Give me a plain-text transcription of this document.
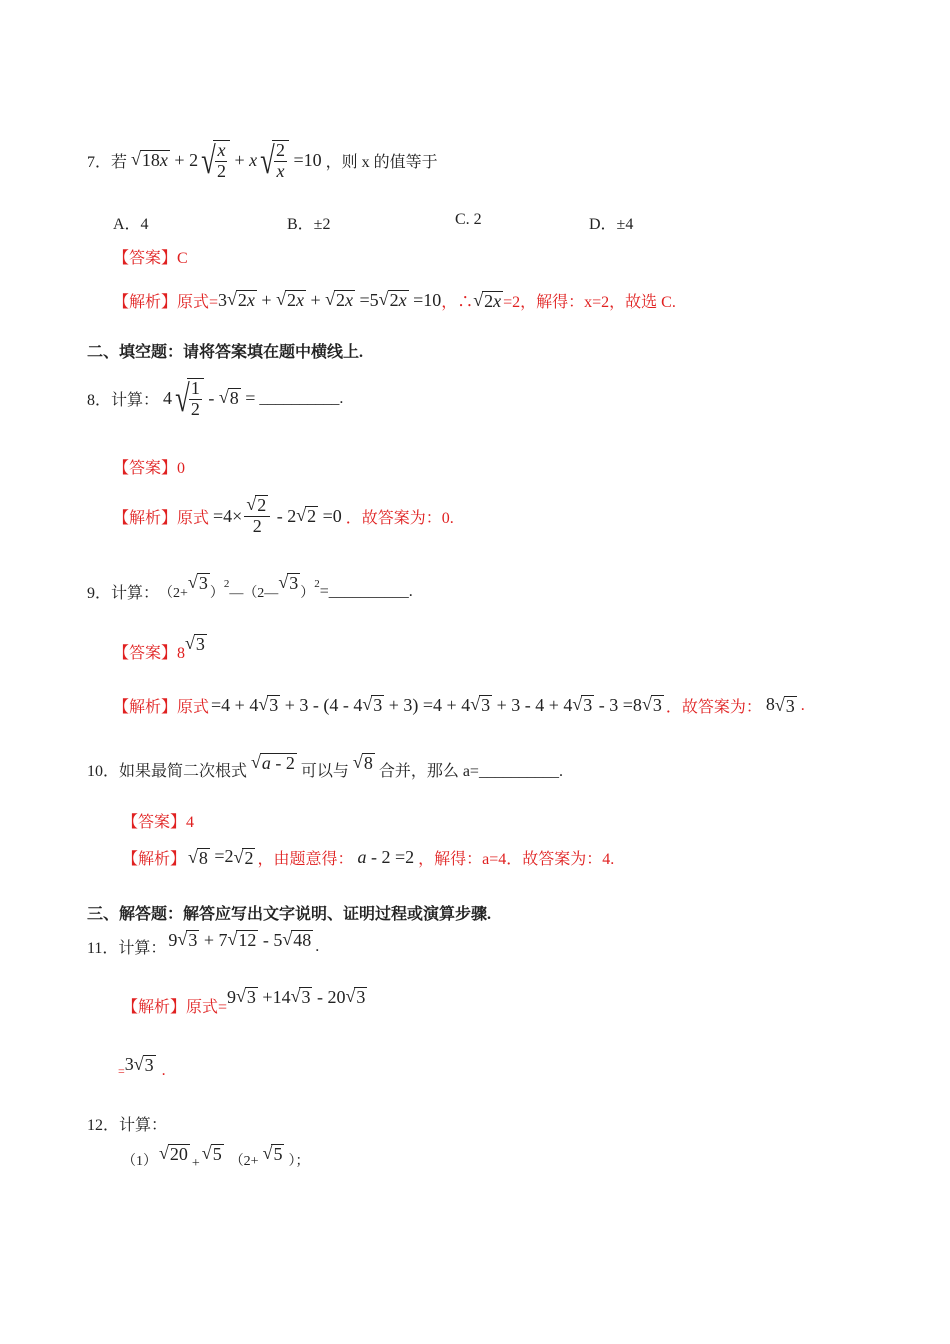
7． 若 √ 18x + 2 √ $\frac{x}{2} + x$ √ $\frac{2}{x} =10$ ，则 x 的值等于
A．4	B．±2	C. 2	D．±4
【答案】C
【解析】原式= 3 √ 2x + √ 2x + √ 2x =5 √ 2x =10 ，∴ √ 2x =2，解得：x=2，故选 C.
二、填空题：请将答案填在题中横线上.
8．计算： 4 √ $\frac{1}{2}$ - √ 8 = __________.
【答案】0
【解析】原式 $=4\times \frac{√ 2}{2} - 2$ √ 2 =0 ．故答案为：0.
9．计算： （2+
√ 3 ）
2
—（2—
√ 3 ）
2 =__________.
【答案】8
√ 3
【解析】原式 =4 + 4 √ 3 + 3 - (4 - 4 √ 3 + 3) =4 + 4 √ 3 + 3 - 4 + 4 √ 3 - 3 =8 √ 3 ．故答案为： 8 √ 3 .
10．如果最简二次根式 √ a - 2 可以与 √ 8 合并，那么 a=__________.
【答案】4
【解析】 √ 8 =2 √ 2 ，由题意得： a - 2 =2 ，解得：a=4．故答案为：4.
三、解答题：解答应写出文字说明、证明过程或演算步骤.
11．计算： 9 √ 3 + 7 √ 12 - 5 √ 48 .
【解析】原式=
9 √ 3 +14 √ 3 - 20 √ 3
= 3 √ 3 .
12．计算：
（1） √ 20 +
√ 5 （2+ √ 5 ）；
